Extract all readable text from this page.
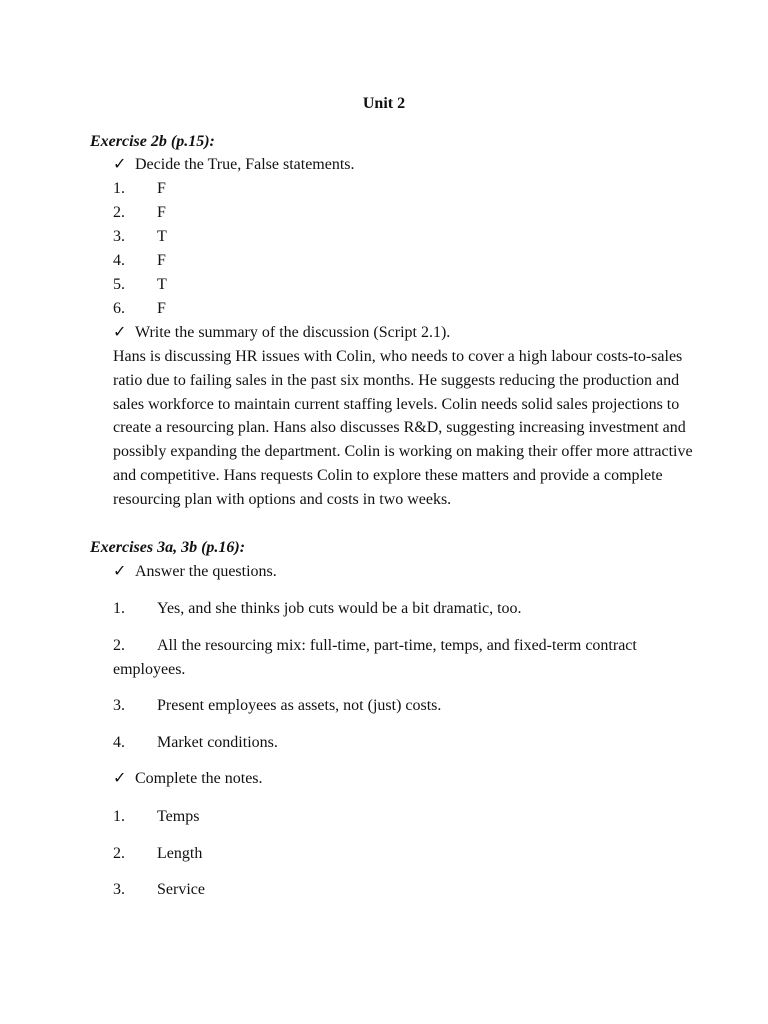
Unit 2
Exercise 2b (p.15):
✓ Decide the True, False statements.
1. F
2. F
3. T
4. F
5. T
6. F
✓ Write the summary of the discussion (Script 2.1).
Hans is discussing HR issues with Colin, who needs to cover a high labour costs-to-sales ratio due to failing sales in the past six months. He suggests reducing the production and sales workforce to maintain current staffing levels. Colin needs solid sales projections to create a resourcing plan. Hans also discusses R&D, suggesting increasing investment and possibly expanding the department. Colin is working on making their offer more attractive and competitive. Hans requests Colin to explore these matters and provide a complete resourcing plan with options and costs in two weeks.
Exercises 3a, 3b (p.16):
✓ Answer the questions.
1. Yes, and she thinks job cuts would be a bit dramatic, too.
2. All the resourcing mix: full-time, part-time, temps, and fixed-term contract employees.
3. Present employees as assets, not (just) costs.
4. Market conditions.
✓ Complete the notes.
1. Temps
2. Length
3. Service
